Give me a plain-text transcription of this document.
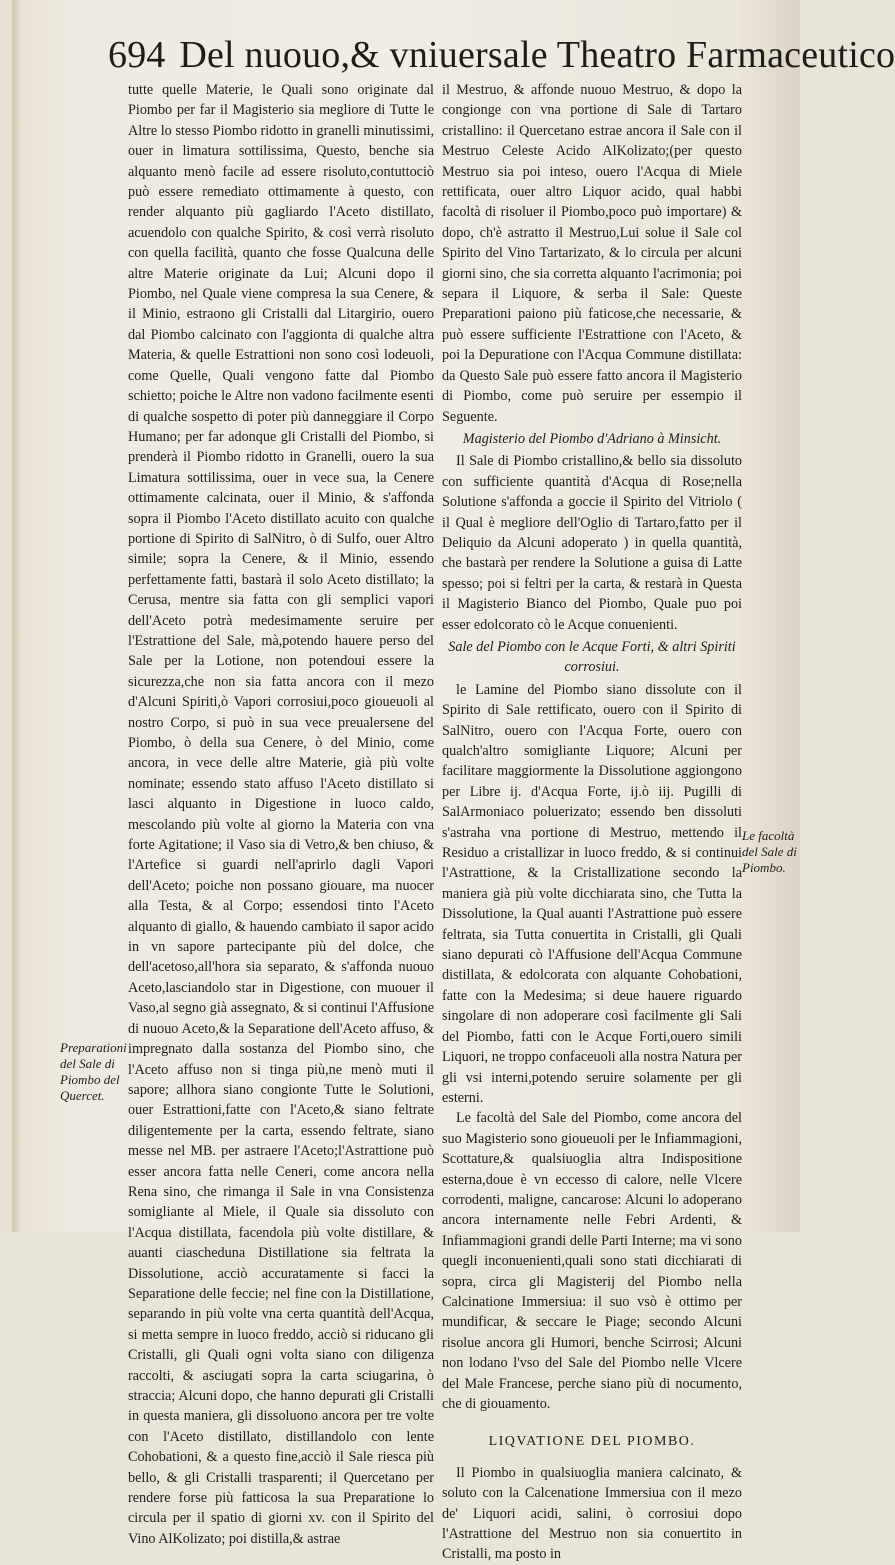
694 Del nuouo,& vniuersale Theatro Farmaceutico

tutte quelle Materie, le Quali sono originate dal Piombo per far il Magisterio sia megliore di Tutte le Altre lo stesso Piombo ridotto in granelli minutissimi, ouer in limatura sottilissima, Questo, benche sia alquanto menò facile ad essere risoluto,contuttociò può essere remediato ottimamente à questo, con render alquanto più gagliardo l'Aceto distillato, acuendolo con qualche Spirito, & così verrà risoluto con quella facilità, quanto che fosse Qualcuna delle altre Materie originate da Lui; Alcuni dopo il Piombo, nel Quale viene compresa la sua Cenere, & il Minio, estraono gli Cristalli dal Litargirio, ouero dal Piombo calcinato con l'aggionta di qualche altra Materia, & quelle Estrattioni non sono così lodeuoli, come Quelle, Quali vengono fatte dal Piombo schietto; poiche le Altre non vadono facilmente esenti di qualche sospetto di poter più danneggiare il Corpo Humano; per far adonque gli Cristalli del Piombo, si prenderà il Piombo ridotto in Granelli, ouero la sua Limatura sottilissima, ouer in vece sua, la Cenere ottimamente calcinata, ouer il Minio, & s'affonda sopra il Piombo l'Aceto distillato acuito con qualche portione di Spirito di SalNitro, ò di Sulfo, ouer Altro simile; sopra la Cenere, & il Minio, essendo perfettamente fatti, bastarà il solo Aceto distillato; la Cerusa, mentre sia fatta con gli semplici vapori dell'Aceto potrà medesimamente seruire per l'Estrattione del Sale, mà,potendo hauere perso del Sale per la Lotione, non potendoui essere la sicurezza,che non sia fatta ancora con il mezo d'Alcuni Spiriti,ò Vapori corrosiui,poco gioueuoli al nostro Corpo, si può in sua vece preualersene del Piombo, ò della sua Cenere, ò del Minio, come ancora, in vece delle altre Materie, già più volte nominate; essendo stato affuso l'Aceto distillato si lasci alquanto in Digestione in luoco caldo, mescolando più volte al giorno la Materia con vna forte Agitatione; il Vaso sia di Vetro,& ben chiuso, & l'Artefice si guardi nell'aprirlo dagli Vapori dell'Aceto; poiche non possano giouare, ma nuocer alla Testa, & al Corpo; essendosi tinto l'Aceto alquanto di giallo, & hauendo cambiato il sapor acido in vn sapore partecipante più del dolce, che dell'acetoso,all'hora sia separato, & s'affonda nuouo Aceto,lasciandolo star in Digestione, con muouer il Vaso,al segno già assegnato, & si continui l'Affusione di nuouo Aceto,& la Separatione dell'Aceto affuso, & impregnato dalla sostanza del Piombo sino, che l'Aceto affuso non si tinga più,ne menò muti il sapore; allhora siano congionte Tutte le Solutioni, ouer Estrattioni,fatte con l'Aceto,& siano feltrate diligentemente per la carta, essendo feltrate, siano messe nel MB. per astraere l'Aceto;l'Astrattione può esser ancora fatta nelle Ceneri, come ancora nella Rena sino, che rimanga il Sale in vna Consistenza somigliante al Miele, il Quale sia dissoluto con l'Acqua distillata, facendola più volte distillare, & auanti ciascheduna Distillatione sia feltrata la Dissolutione, acciò accuratamente si facci la Separatione delle feccie; nel fine con la Distillatione, separando in più volte vna certa quantità dell'Acqua, si metta sempre in luoco freddo, acciò si riducano gli Cristalli, gli Quali ogni volta siano con diligenza raccolti, & asciugati sopra la carta sciugarina, ò straccia; Alcuni dopo, che hanno depurati gli Cristalli in questa maniera, gli dissoluono ancora per tre volte con l'Aceto distillato, distillandolo con lente Cohobationi, & a questo fine,acciò il Sale riesca più bello, & gli Cristalli trasparenti; il Quercetano per rendere forse più fatticosa la sua Preparatione lo circula per il spatio di giorni xv. con il Spirito del Vino AlKolizato; poi distilla,& astrae

il Mestruo, & affonde nuouo Mestruo, & dopo la congionge con vna portione di Sale di Tartaro cristallino: il Quercetano estrae ancora il Sale con il Mestruo Celeste Acido AlKolizato;(per questo Mestruo sia poi inteso, ouero l'Acqua di Miele rettificata, ouer altro Liquor acido, qual habbi facoltà di risoluer il Piombo,poco può importare) & dopo, ch'è astratto il Mestruo,Lui solue il Sale col Spirito del Vino Tartarizato, & lo circula per alcuni giorni sino, che sia corretta alquanto l'acrimonia; poi separa il Liquore, & serba il Sale: Queste Preparationi paiono più faticose,che necessarie, & può essere sufficiente l'Estrattione con l'Aceto, & poi la Depuratione con l'Acqua Commune distillata: da Questo Sale può essere fatto ancora il Magisterio di Piombo, come può seruire per essempio il Seguente.

Magisterio del Piombo d'Adriano à Minsicht.

Il Sale di Piombo cristallino,& bello sia dissoluto con sufficiente quantità d'Acqua di Rose;nella Solutione s'affonda a goccie il Spirito del Vitriolo ( il Qual è megliore dell'Oglio di Tartaro,fatto per il Deliquio da Alcuni adoperato ) in quella quantità, che bastarà per rendere la Solutione a guisa di Latte spesso; poi si feltri per la carta, & restarà in Questa il Magisterio Bianco del Piombo, Quale puo poi esser edolcorato cò le Acque conuenienti.

Sale del Piombo con le Acque Forti, & altri Spiriti corrosiui.

le Lamine del Piombo siano dissolute con il Spirito di Sale rettificato, ouero con il Spirito di SalNitro, ouero con l'Acqua Forte, ouero con qualch'altro somigliante Liquore; Alcuni per facilitare maggiormente la Dissolutione aggiongono per Libre ij. d'Acqua Forte, ij.ò iij. Pugilli di SalArmoniaco poluerizato; essendo ben dissoluti s'astraha vna portione di Mestruo, mettendo il Residuo a cristallizar in luoco freddo, & si continui l'Astrattione, & la Cristallizatione secondo la maniera già più volte dicchiarata sino, che Tutta la Dissolutione, la Qual auanti l'Astrattione può essere feltrata, sia Tutta conuertita in Cristalli, gli Quali siano depurati cò l'Affusione dell'Acqua Commune distillata, & edolcorata con alquante Cohobationi, fatte con la Medesima; si deue hauere riguardo singolare di non adoperare così facilmente gli Sali del Piombo, fatti con le Acque Forti,ouero simili Liquori, ne troppo confaceuoli alla nostra Natura per gli vsi interni,potendo seruire solamente per gli esterni.

Le facoltà del Sale del Piombo, come ancora del suo Magisterio sono gioueuoli per le Infiammagioni, Scottature,& qualsiuoglia altra Indispositione esterna,doue è vn eccesso di calore, nelle Vlcere corrodenti, maligne, cancarose: Alcuni lo adoperano ancora internamente nelle Febri Ardenti, & Infiammagioni grandi delle Parti Interne; ma vi sono quegli inconuenienti,quali sono stati dicchiarati di sopra, circa gli Magisterij del Piombo nella Calcinatione Immersiua: il suo vsò è ottimo per mundificar, & seccare le Piage; secondo Alcuni risolue ancora gli Humori, benche Scirrosi; Alcuni non lodano l'vso del Sale del Piombo nelle Vlcere del Male Francese, perche siano più di nocumento, che di giouamento.

LIQVATIONE DEL PIOMBO.

Il Piombo in qualsiuoglia maniera calcinato, & soluto con la Calcenatione Immersiua con il mezo de' Liquori acidi, salini, ò corrosiui dopo l'Astrattione del Mestruo non sia conuertito in Cristalli, ma posto in

Preparationi del Sale di Piombo del Quercet.
Le facoltà del Sale di Piombo.
